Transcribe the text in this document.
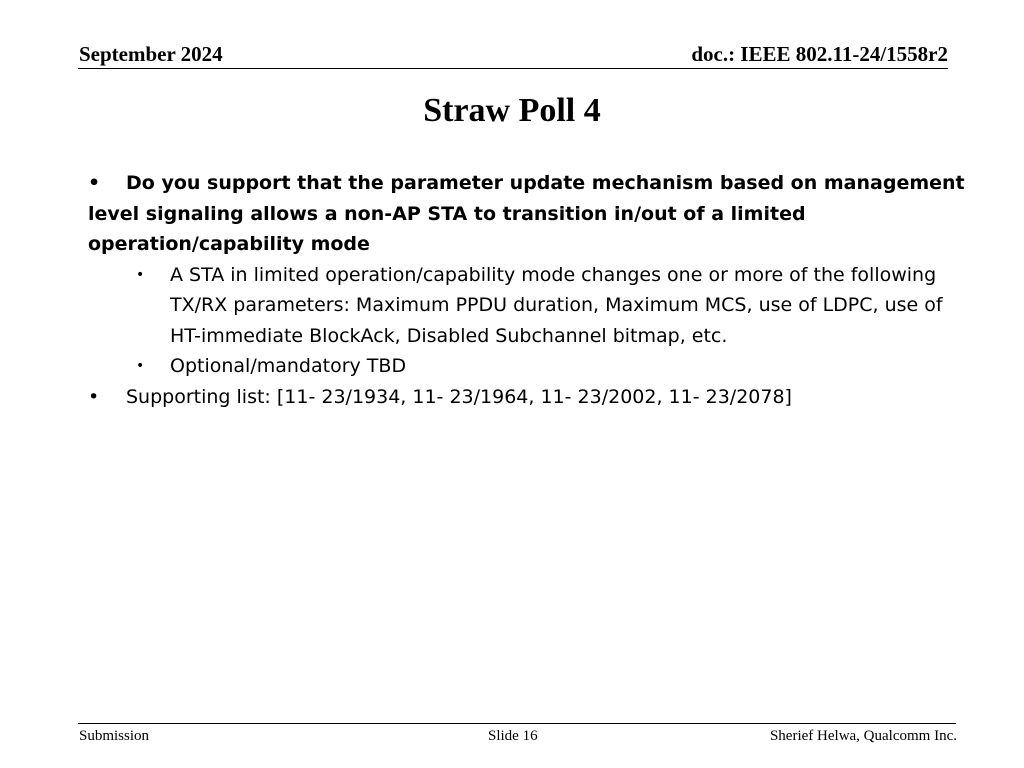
September 2024	doc.: IEEE 802.11-24/1558r2
Straw Poll 4

• Do you support that the parameter update mechanism based on management level signaling allows a non-AP STA to transition in/out of a limited operation/capability mode

• A STA in limited operation/capability mode changes one or more of the following TX/RX parameters: Maximum PPDU duration, Maximum MCS, use of LDPC, use of HT-immediate BlockAck, Disabled Subchannel bitmap, etc.
• Optional/mandatory TBD

• Supporting list: [11- 23/1934, 11- 23/1964, 11- 23/2002, 11- 23/2078]

Submission	Slide 16	Sherief Helwa, Qualcomm Inc.
